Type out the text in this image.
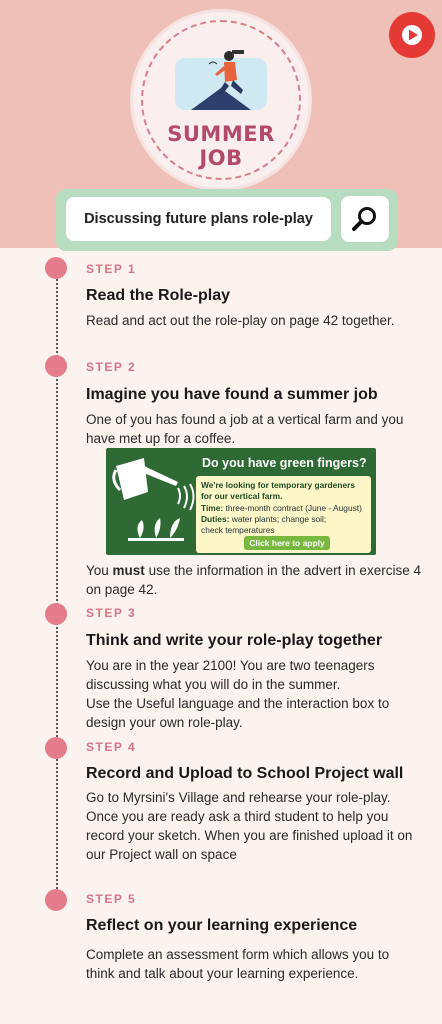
SUMMER
JOB
Discussing future plans role-play

STEP 1

Read the Role-play

Read and act out the role-play on page 42 together.

STEP 2

Imagine you have found a summer job

One of you has found a job at a vertical farm and you have met up for a coffee.

Do you have green fingers?
We're looking for temporary gardeners
for our vertical farm.
Time: three-month contract (June - August)
Duties: water plants; change soil;
check temperatures
Click here to apply

You must use the information in the advert in exercise 4 on page 42.

STEP 3

Think and write your role-play together

You are in the year 2100! You are two teenagers discussing what you will do in the summer.

Use the Useful language and the interaction box to design your own role-play.

STEP 4

Record and Upload to School Project wall

Go to Myrsini's Village and rehearse your role-play. Once you are ready ask a third student to help you record your sketch. When you are finished upload it on our Project wall on space

STEP 5

Reflect on your learning experience

Complete an assessment form which allows you to think and talk about your learning experience.
